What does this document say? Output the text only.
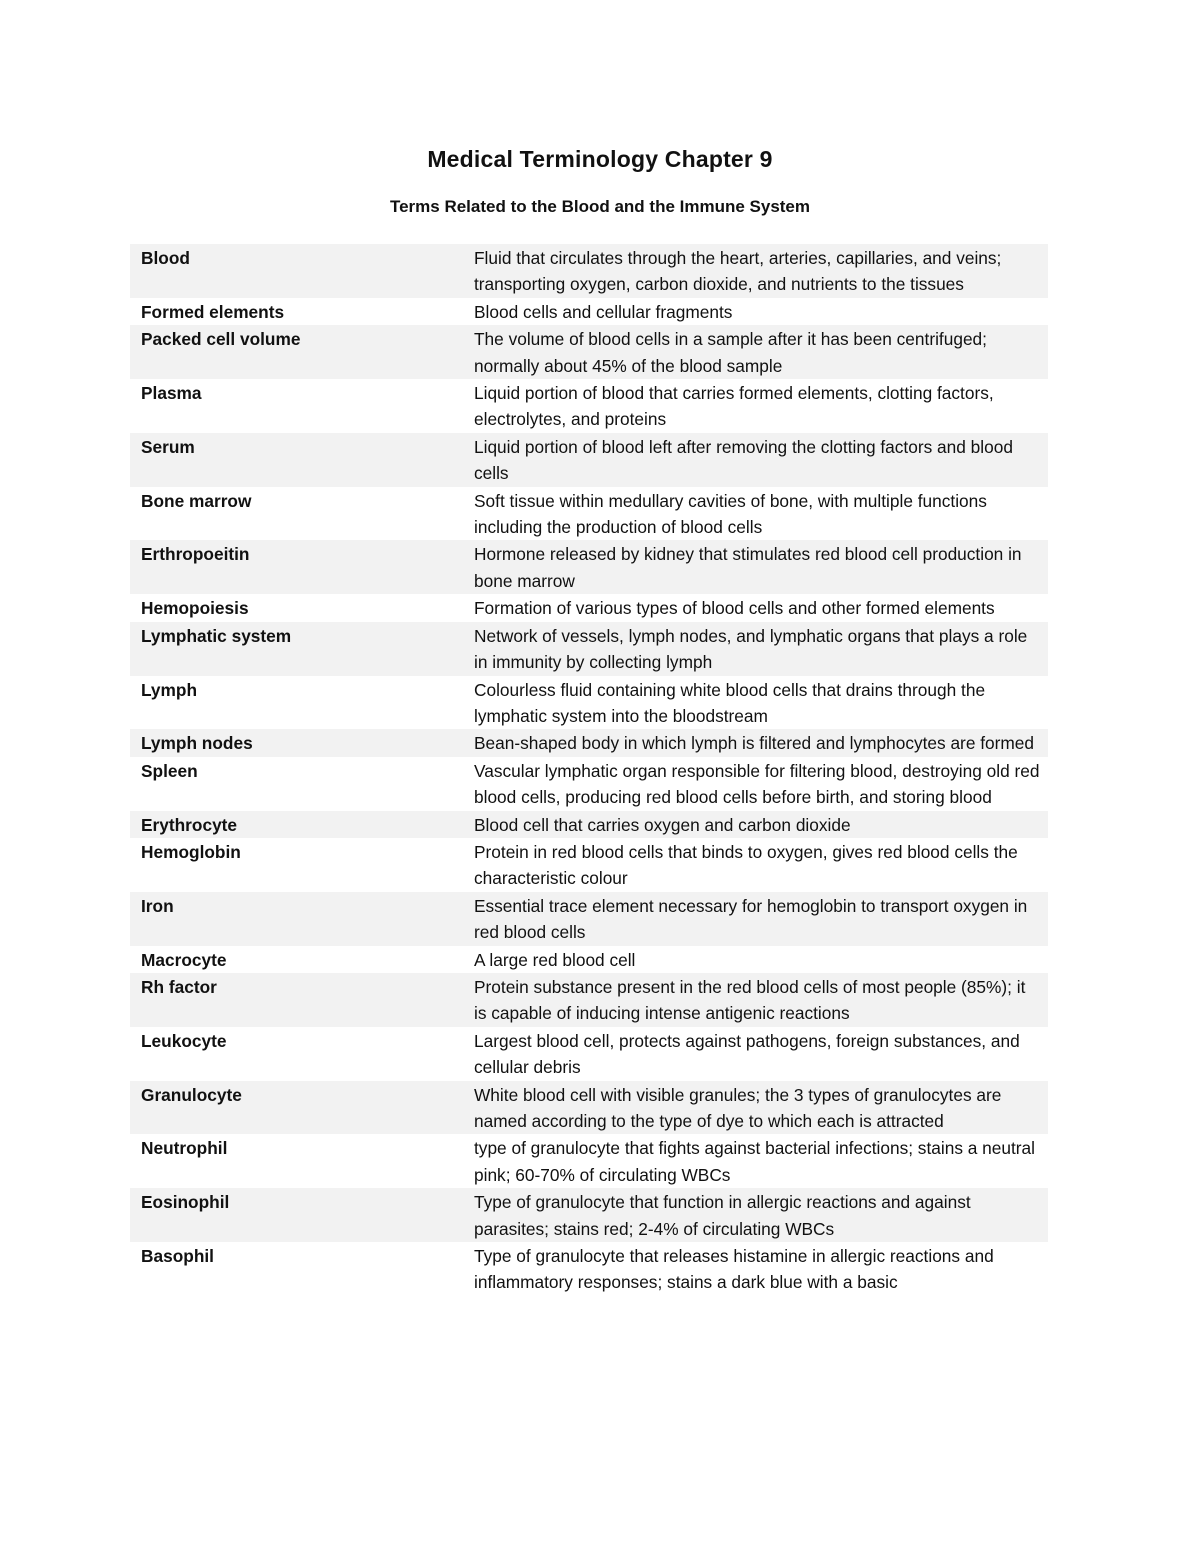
Medical Terminology Chapter 9
Terms Related to the Blood and the Immune System
Blood	Fluid that circulates through the heart, arteries, capillaries, and veins; transporting oxygen, carbon dioxide, and nutrients to the tissues
Formed elements	Blood cells and cellular fragments
Packed cell volume	The volume of blood cells in a sample after it has been centrifuged; normally about 45% of the blood sample
Plasma	Liquid portion of blood that carries formed elements, clotting factors, electrolytes, and proteins
Serum	Liquid portion of blood left after removing the clotting factors and blood cells
Bone marrow	Soft tissue within medullary cavities of bone, with multiple functions including the production of blood cells
Erthropoeitin	Hormone released by kidney that stimulates red blood cell production in bone marrow
Hemopoiesis	Formation of various types of blood cells and other formed elements
Lymphatic system	Network of vessels, lymph nodes, and lymphatic organs that plays a role in immunity by collecting lymph
Lymph	Colourless fluid containing white blood cells that drains through the lymphatic system into the bloodstream
Lymph nodes	Bean-shaped body in which lymph is filtered and lymphocytes are formed
Spleen	Vascular lymphatic organ responsible for filtering blood, destroying old red blood cells, producing red blood cells before birth, and storing blood
Erythrocyte	Blood cell that carries oxygen and carbon dioxide
Hemoglobin	Protein in red blood cells that binds to oxygen, gives red blood cells the characteristic colour
Iron	Essential trace element necessary for hemoglobin to transport oxygen in red blood cells
Macrocyte	A large red blood cell
Rh factor	Protein substance present in the red blood cells of most people (85%); it is capable of inducing intense antigenic reactions
Leukocyte	Largest blood cell, protects against pathogens, foreign substances, and cellular debris
Granulocyte	White blood cell with visible granules; the 3 types of granulocytes are named according to the type of dye to which each is attracted
Neutrophil	type of granulocyte that fights against bacterial infections; stains a neutral pink; 60-70% of circulating WBCs
Eosinophil	Type of granulocyte that function in allergic reactions and against parasites; stains red; 2-4% of circulating WBCs
Basophil	Type of granulocyte that releases histamine in allergic reactions and inflammatory responses; stains a dark blue with a basic
